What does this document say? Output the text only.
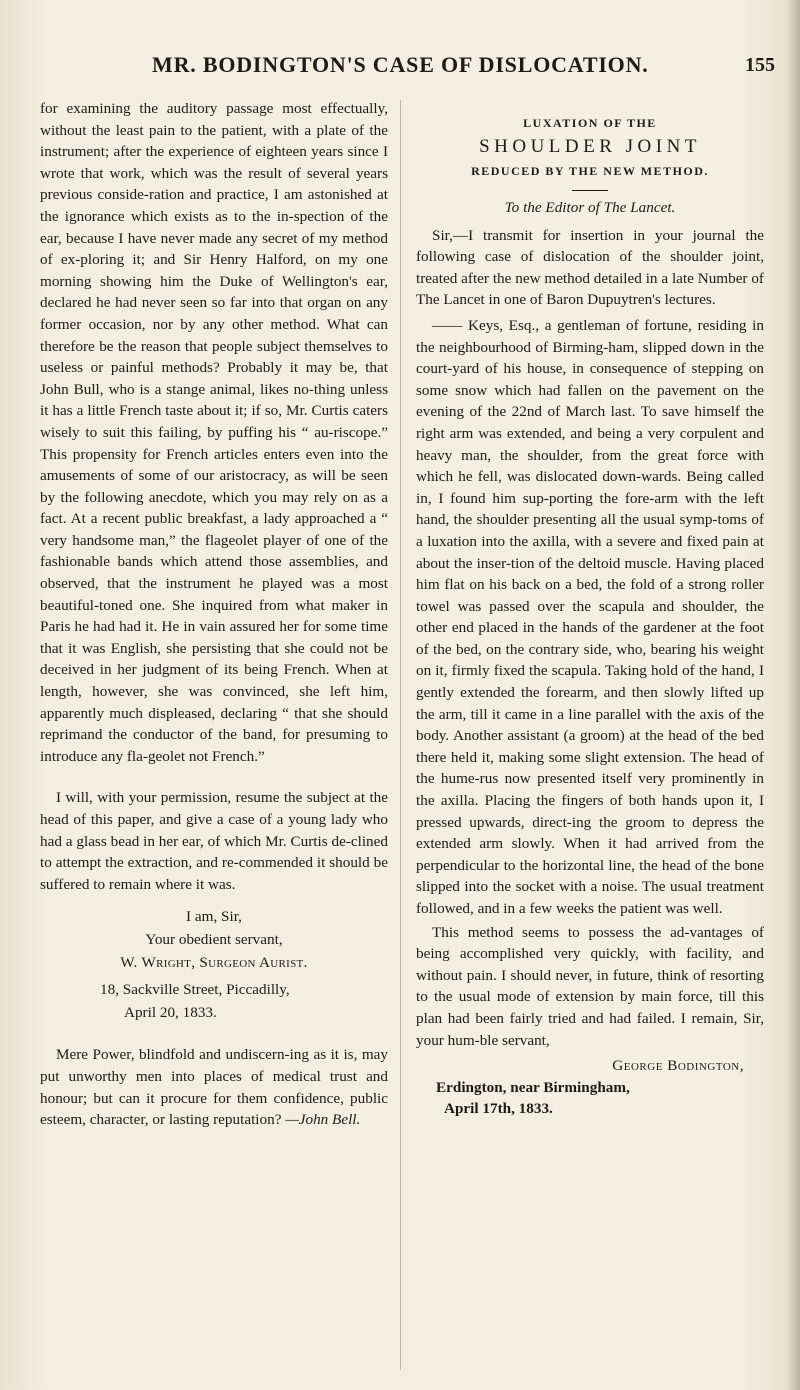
MR. BODINGTON'S CASE OF DISLOCATION.	155

for examining the auditory passage most effectually, without the least pain to the patient, with a plate of the instrument; after the experience of eighteen years since I wrote that work, which was the result of several years previous conside-ration and practice, I am astonished at the ignorance which exists as to the in-spection of the ear, because I have never made any secret of my method of ex-ploring it; and Sir Henry Halford, on my one morning showing him the Duke of Wellington's ear, declared he had never seen so far into that organ on any former occasion, nor by any other method. What can therefore be the reason that people subject themselves to useless or painful methods? Probably it may be, that John Bull, who is a stange animal, likes no-thing unless it has a little French taste about it; if so, Mr. Curtis caters wisely to suit this failing, by puffing his “ au-riscope.” This propensity for French articles enters even into the amusements of some of our aristocracy, as will be seen by the following anecdote, which you may rely on as a fact. At a recent public breakfast, a lady approached a “ very handsome man,” the flageolet player of one of the fashionable bands which attend those assemblies, and observed, that the instrument he played was a most beautiful-toned one. She inquired from what maker in Paris he had had it. He in vain assured her for some time that it was English, she persisting that she could not be deceived in her judgment of its being French. When at length, however, she was convinced, she left him, apparently much displeased, declaring “ that she should reprimand the conductor of the band, for presuming to introduce any fla-geolet not French.”

I will, with your permission, resume the subject at the head of this paper, and give a case of a young lady who had a glass bead in her ear, of which Mr. Curtis de-clined to attempt the extraction, and re-commended it should be suffered to remain where it was.

I am, Sir,
Your obedient servant,
W. Wright, Surgeon Aurist.
18, Sackville Street, Piccadilly,
April 20, 1833.

Mere Power, blindfold and undiscern-ing as it is, may put unworthy men into places of medical trust and honour; but can it procure for them confidence, public esteem, character, or lasting reputation? —John Bell.

LUXATION OF THE
SHOULDER JOINT
REDUCED BY THE NEW METHOD.
To the Editor of The Lancet.

Sir,—I transmit for insertion in your journal the following case of dislocation of the shoulder joint, treated after the new method detailed in a late Number of The Lancet in one of Baron Dupuytren's lectures.

—— Keys, Esq., a gentleman of fortune, residing in the neighbourhood of Birming-ham, slipped down in the court-yard of his house, in consequence of stepping on some snow which had fallen on the pavement on the evening of the 22nd of March last. To save himself the right arm was extended, and being a very corpulent and heavy man, the shoulder, from the great force with which he fell, was dislocated down-wards. Being called in, I found him sup-porting the fore-arm with the left hand, the shoulder presenting all the usual symp-toms of a luxation into the axilla, with a severe and fixed pain at about the inser-tion of the deltoid muscle. Having placed him flat on his back on a bed, the fold of a strong roller towel was passed over the scapula and shoulder, the other end placed in the hands of the gardener at the foot of the bed, on the contrary side, who, bearing his weight on it, firmly fixed the scapula. Taking hold of the hand, I gently extended the forearm, and then slowly lifted up the arm, till it came in a line parallel with the axis of the body. Another assistant (a groom) at the head of the bed there held it, making some slight extension. The head of the hume-rus now presented itself very prominently in the axilla. Placing the fingers of both hands upon it, I pressed upwards, direct-ing the groom to depress the extended arm slowly. When it had arrived from the perpendicular to the horizontal line, the head of the bone slipped into the socket with a noise. The usual treatment followed, and in a few weeks the patient was well.

This method seems to possess the ad-vantages of being accomplished very quickly, with facility, and without pain. I should never, in future, think of resorting to the usual mode of extension by main force, till this plan had been fairly tried and had failed. I remain, Sir, your hum-ble servant,

George Bodington,
Erdington, near Birmingham,
April 17th, 1833.
